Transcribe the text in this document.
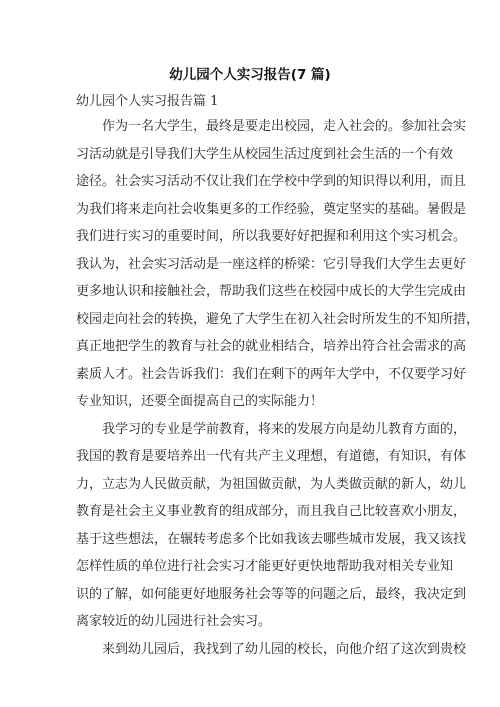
幼儿园个人实习报告(7 篇)
幼儿园个人实习报告篇 1
作为一名大学生，最终是要走出校园，走入社会的。参加社会实
习活动就是引导我们大学生从校园生活过度到社会生活的一个有效
途径。社会实习活动不仅让我们在学校中学到的知识得以利用，而且
为我们将来走向社会收集更多的工作经验，奠定坚实的基础。暑假是
我们进行实习的重要时间，所以我要好好把握和利用这个实习机会。
我认为，社会实习活动是一座这样的桥梁：它引导我们大学生去更好
更多地认识和接触社会，帮助我们这些在校园中成长的大学生完成由
校园走向社会的转换，避免了大学生在初入社会时所发生的不知所措，
真正地把学生的教育与社会的就业相结合，培养出符合社会需求的高
素质人才。社会告诉我们：我们在剩下的两年大学中，不仅要学习好
专业知识，还要全面提高自己的实际能力！
我学习的专业是学前教育，将来的发展方向是幼儿教育方面的，
我国的教育是要培养出一代有共产主义理想，有道德，有知识，有体
力，立志为人民做贡献，为祖国做贡献，为人类做贡献的新人，幼儿
教育是社会主义事业教育的组成部分，而且我自己比较喜欢小朋友，
基于这些想法，在辗转考虑多个比如我该去哪些城市发展，我又该找
怎样性质的单位进行社会实习才能更好更快地帮助我对相关专业知
识的了解，如何能更好地服务社会等等的问题之后，最终，我决定到
离家较近的幼儿园进行社会实习。
来到幼儿园后，我找到了幼儿园的校长，向他介绍了这次到贵校
